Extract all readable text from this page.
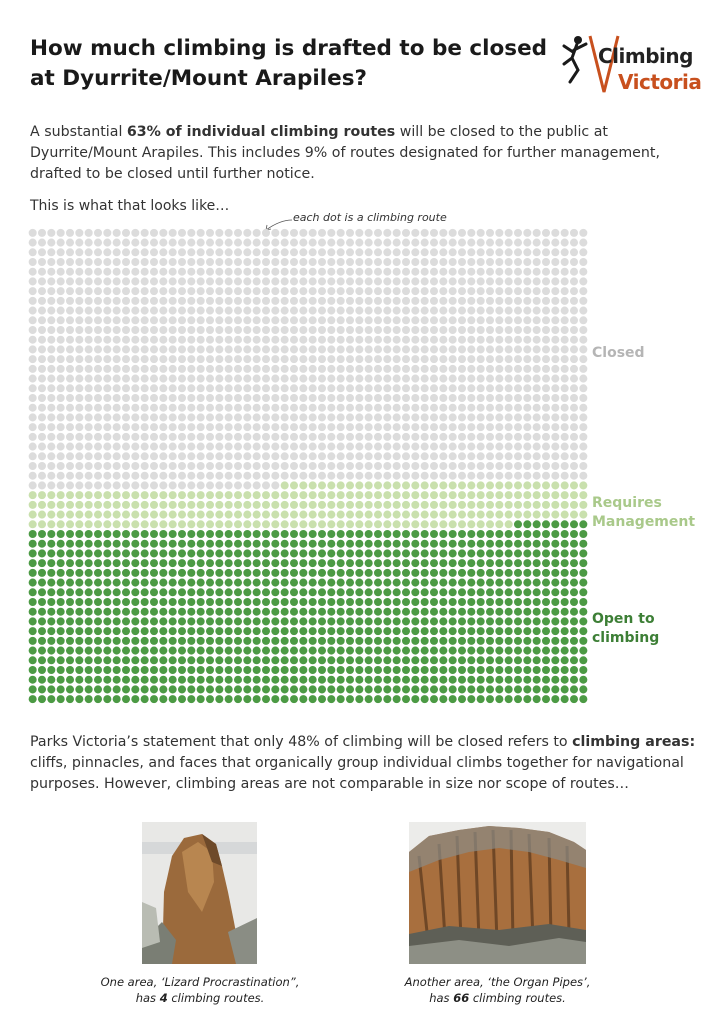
How much climbing is drafted to be closed at Dyurrite/Mount Arapiles?
Climbing
Victoria

A substantial 63% of individual climbing routes will be closed to the public at Dyurrite/Mount Arapiles. This includes 9% of routes designated for further management, drafted to be closed until further notice.

This is what that looks like…
each dot is a climbing route
Closed
Requires
Management
Open to
climbing

Parks Victoria’s statement that only 48% of climbing will be closed refers to climbing areas: cliffs, pinnacles, and faces that organically group individual climbs together for navigational purposes. However, climbing areas are not comparable in size nor scope of routes…

One area, ‘Lizard Procrastination”,
has 4 climbing routes.
Another area, ‘the Organ Pipes’,
has 66 climbing routes.
